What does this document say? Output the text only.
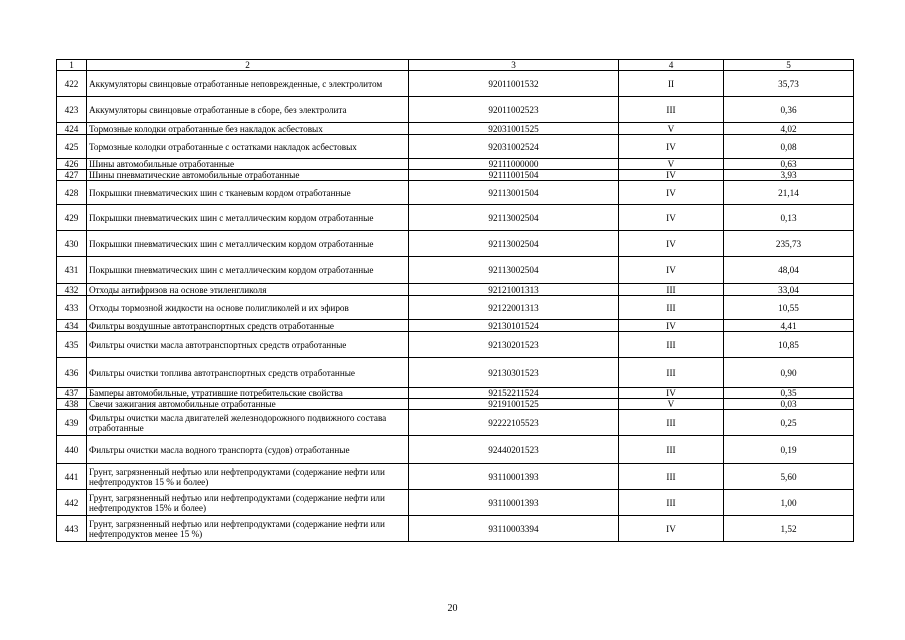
1	2	3	4	5
422	Аккумуляторы свинцовые отработанные неповрежденные, с электролитом	92011001532	II	35,73
423	Аккумуляторы свинцовые отработанные в сборе, без электролита	92011002523	III	0,36
424	Тормозные колодки отработанные без накладок асбестовых	92031001525	V	4,02
425	Тормозные колодки отработанные с остатками накладок асбестовых	92031002524	IV	0,08
426	Шины автомобильные отработанные	92111000000	V	0,63
427	Шины пневматические автомобильные отработанные	92111001504	IV	3,93
428	Покрышки пневматических шин с тканевым кордом отработанные	92113001504	IV	21,14
429	Покрышки пневматических шин с металлическим кордом отработанные	92113002504	IV	0,13
430	Покрышки пневматических шин с металлическим кордом отработанные	92113002504	IV	235,73
431	Покрышки пневматических шин с металлическим кордом отработанные	92113002504	IV	48,04
432	Отходы антифризов на основе этиленгликоля	92121001313	III	33,04
433	Отходы тормозной жидкости на основе полигликолей и их эфиров	92122001313	III	10,55
434	Фильтры воздушные автотранспортных средств отработанные	92130101524	IV	4,41
435	Фильтры очистки масла автотранспортных средств отработанные	92130201523	III	10,85
436	Фильтры очистки топлива автотранспортных средств отработанные	92130301523	III	0,90
437	Бамперы автомобильные, утратившие потребительские свойства	92152211524	IV	0,35
438	Свечи зажигания автомобильные отработанные	92191001525	V	0,03
439	Фильтры очистки масла двигателей железнодорожного подвижного состава отработанные	92222105523	III	0,25
440	Фильтры очистки масла водного транспорта (судов) отработанные	92440201523	III	0,19
441	Грунт, загрязненный нефтью или нефтепродуктами (содержание нефти или нефтепродуктов 15 % и более)	93110001393	III	5,60
442	Грунт, загрязненный нефтью или нефтепродуктами (содержание нефти или нефтепродуктов 15% и более)	93110001393	III	1,00
443	Грунт, загрязненный нефтью или нефтепродуктами (содержание нефти или нефтепродуктов менее 15 %)	93110003394	IV	1,52
20
